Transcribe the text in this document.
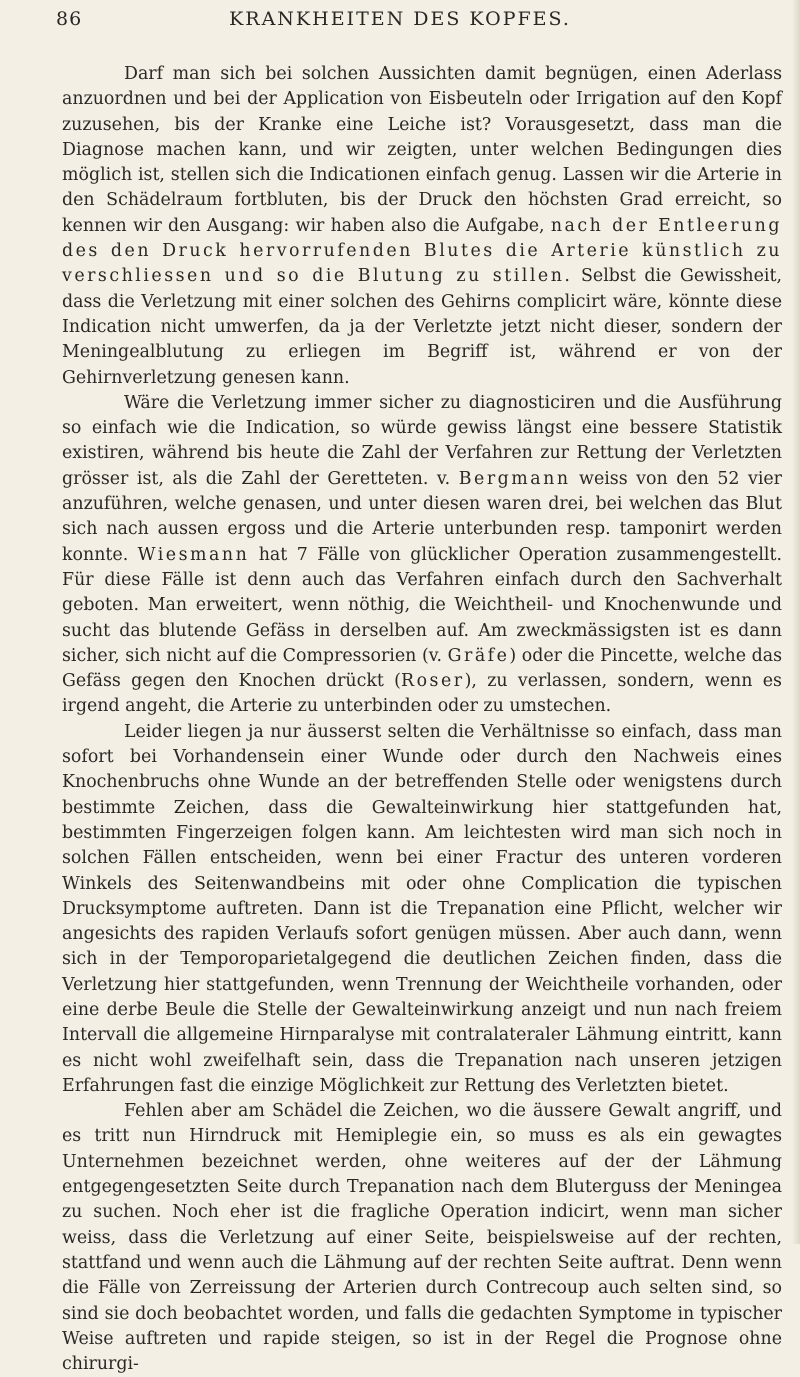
86	KRANKHEITEN DES KOPFES.

Darf man sich bei solchen Aussichten damit begnügen, einen Aderlass anzuordnen und bei der Application von Eisbeuteln oder Irrigation auf den Kopf zuzusehen, bis der Kranke eine Leiche ist? Vorausgesetzt, dass man die Diagnose machen kann, und wir zeigten, unter welchen Bedingungen dies möglich ist, stellen sich die Indicationen einfach genug. Lassen wir die Arterie in den Schädelraum fortbluten, bis der Druck den höchsten Grad erreicht, so kennen wir den Ausgang: wir haben also die Aufgabe, nach der Entleerung des den Druck hervorrufenden Blutes die Arterie künstlich zu verschliessen und so die Blutung zu stillen. Selbst die Gewissheit, dass die Verletzung mit einer solchen des Gehirns complicirt wäre, könnte diese Indication nicht umwerfen, da ja der Verletzte jetzt nicht dieser, sondern der Meningealblutung zu erliegen im Begriff ist, während er von der Gehirnverletzung genesen kann.

Wäre die Verletzung immer sicher zu diagnosticiren und die Ausführung so einfach wie die Indication, so würde gewiss längst eine bessere Statistik existiren, während bis heute die Zahl der Verfahren zur Rettung der Verletzten grösser ist, als die Zahl der Geretteten. v. Bergmann weiss von den 52 vier anzuführen, welche genasen, und unter diesen waren drei, bei welchen das Blut sich nach aussen ergoss und die Arterie unterbunden resp. tamponirt werden konnte. Wiesmann hat 7 Fälle von glücklicher Operation zusammengestellt. Für diese Fälle ist denn auch das Verfahren einfach durch den Sachverhalt geboten. Man erweitert, wenn nöthig, die Weichtheil- und Knochenwunde und sucht das blutende Gefäss in derselben auf. Am zweckmässigsten ist es dann sicher, sich nicht auf die Compressorien (v. Gräfe) oder die Pincette, welche das Gefäss gegen den Knochen drückt (Roser), zu verlassen, sondern, wenn es irgend angeht, die Arterie zu unterbinden oder zu umstechen.

Leider liegen ja nur äusserst selten die Verhältnisse so einfach, dass man sofort bei Vorhandensein einer Wunde oder durch den Nachweis eines Knochenbruchs ohne Wunde an der betreffenden Stelle oder wenigstens durch bestimmte Zeichen, dass die Gewalteinwirkung hier stattgefunden hat, bestimmten Fingerzeigen folgen kann. Am leichtesten wird man sich noch in solchen Fällen entscheiden, wenn bei einer Fractur des unteren vorderen Winkels des Seitenwandbeins mit oder ohne Complication die typischen Drucksymptome auftreten. Dann ist die Trepanation eine Pflicht, welcher wir angesichts des rapiden Verlaufs sofort genügen müssen. Aber auch dann, wenn sich in der Temporoparietalgegend die deutlichen Zeichen finden, dass die Verletzung hier stattgefunden, wenn Trennung der Weichtheile vorhanden, oder eine derbe Beule die Stelle der Gewalteinwirkung anzeigt und nun nach freiem Intervall die allgemeine Hirnparalyse mit contralateraler Lähmung eintritt, kann es nicht wohl zweifelhaft sein, dass die Trepanation nach unseren jetzigen Erfahrungen fast die einzige Möglichkeit zur Rettung des Verletzten bietet.

Fehlen aber am Schädel die Zeichen, wo die äussere Gewalt angriff, und es tritt nun Hirndruck mit Hemiplegie ein, so muss es als ein gewagtes Unternehmen bezeichnet werden, ohne weiteres auf der der Lähmung entgegengesetzten Seite durch Trepanation nach dem Bluterguss der Meningea zu suchen. Noch eher ist die fragliche Operation indicirt, wenn man sicher weiss, dass die Verletzung auf einer Seite, beispielsweise auf der rechten, stattfand und wenn auch die Lähmung auf der rechten Seite auftrat. Denn wenn die Fälle von Zerreissung der Arterien durch Contrecoup auch selten sind, so sind sie doch beobachtet worden, und falls die gedachten Symptome in typischer Weise auftreten und rapide steigen, so ist in der Regel die Prognose ohne chirurgi-
